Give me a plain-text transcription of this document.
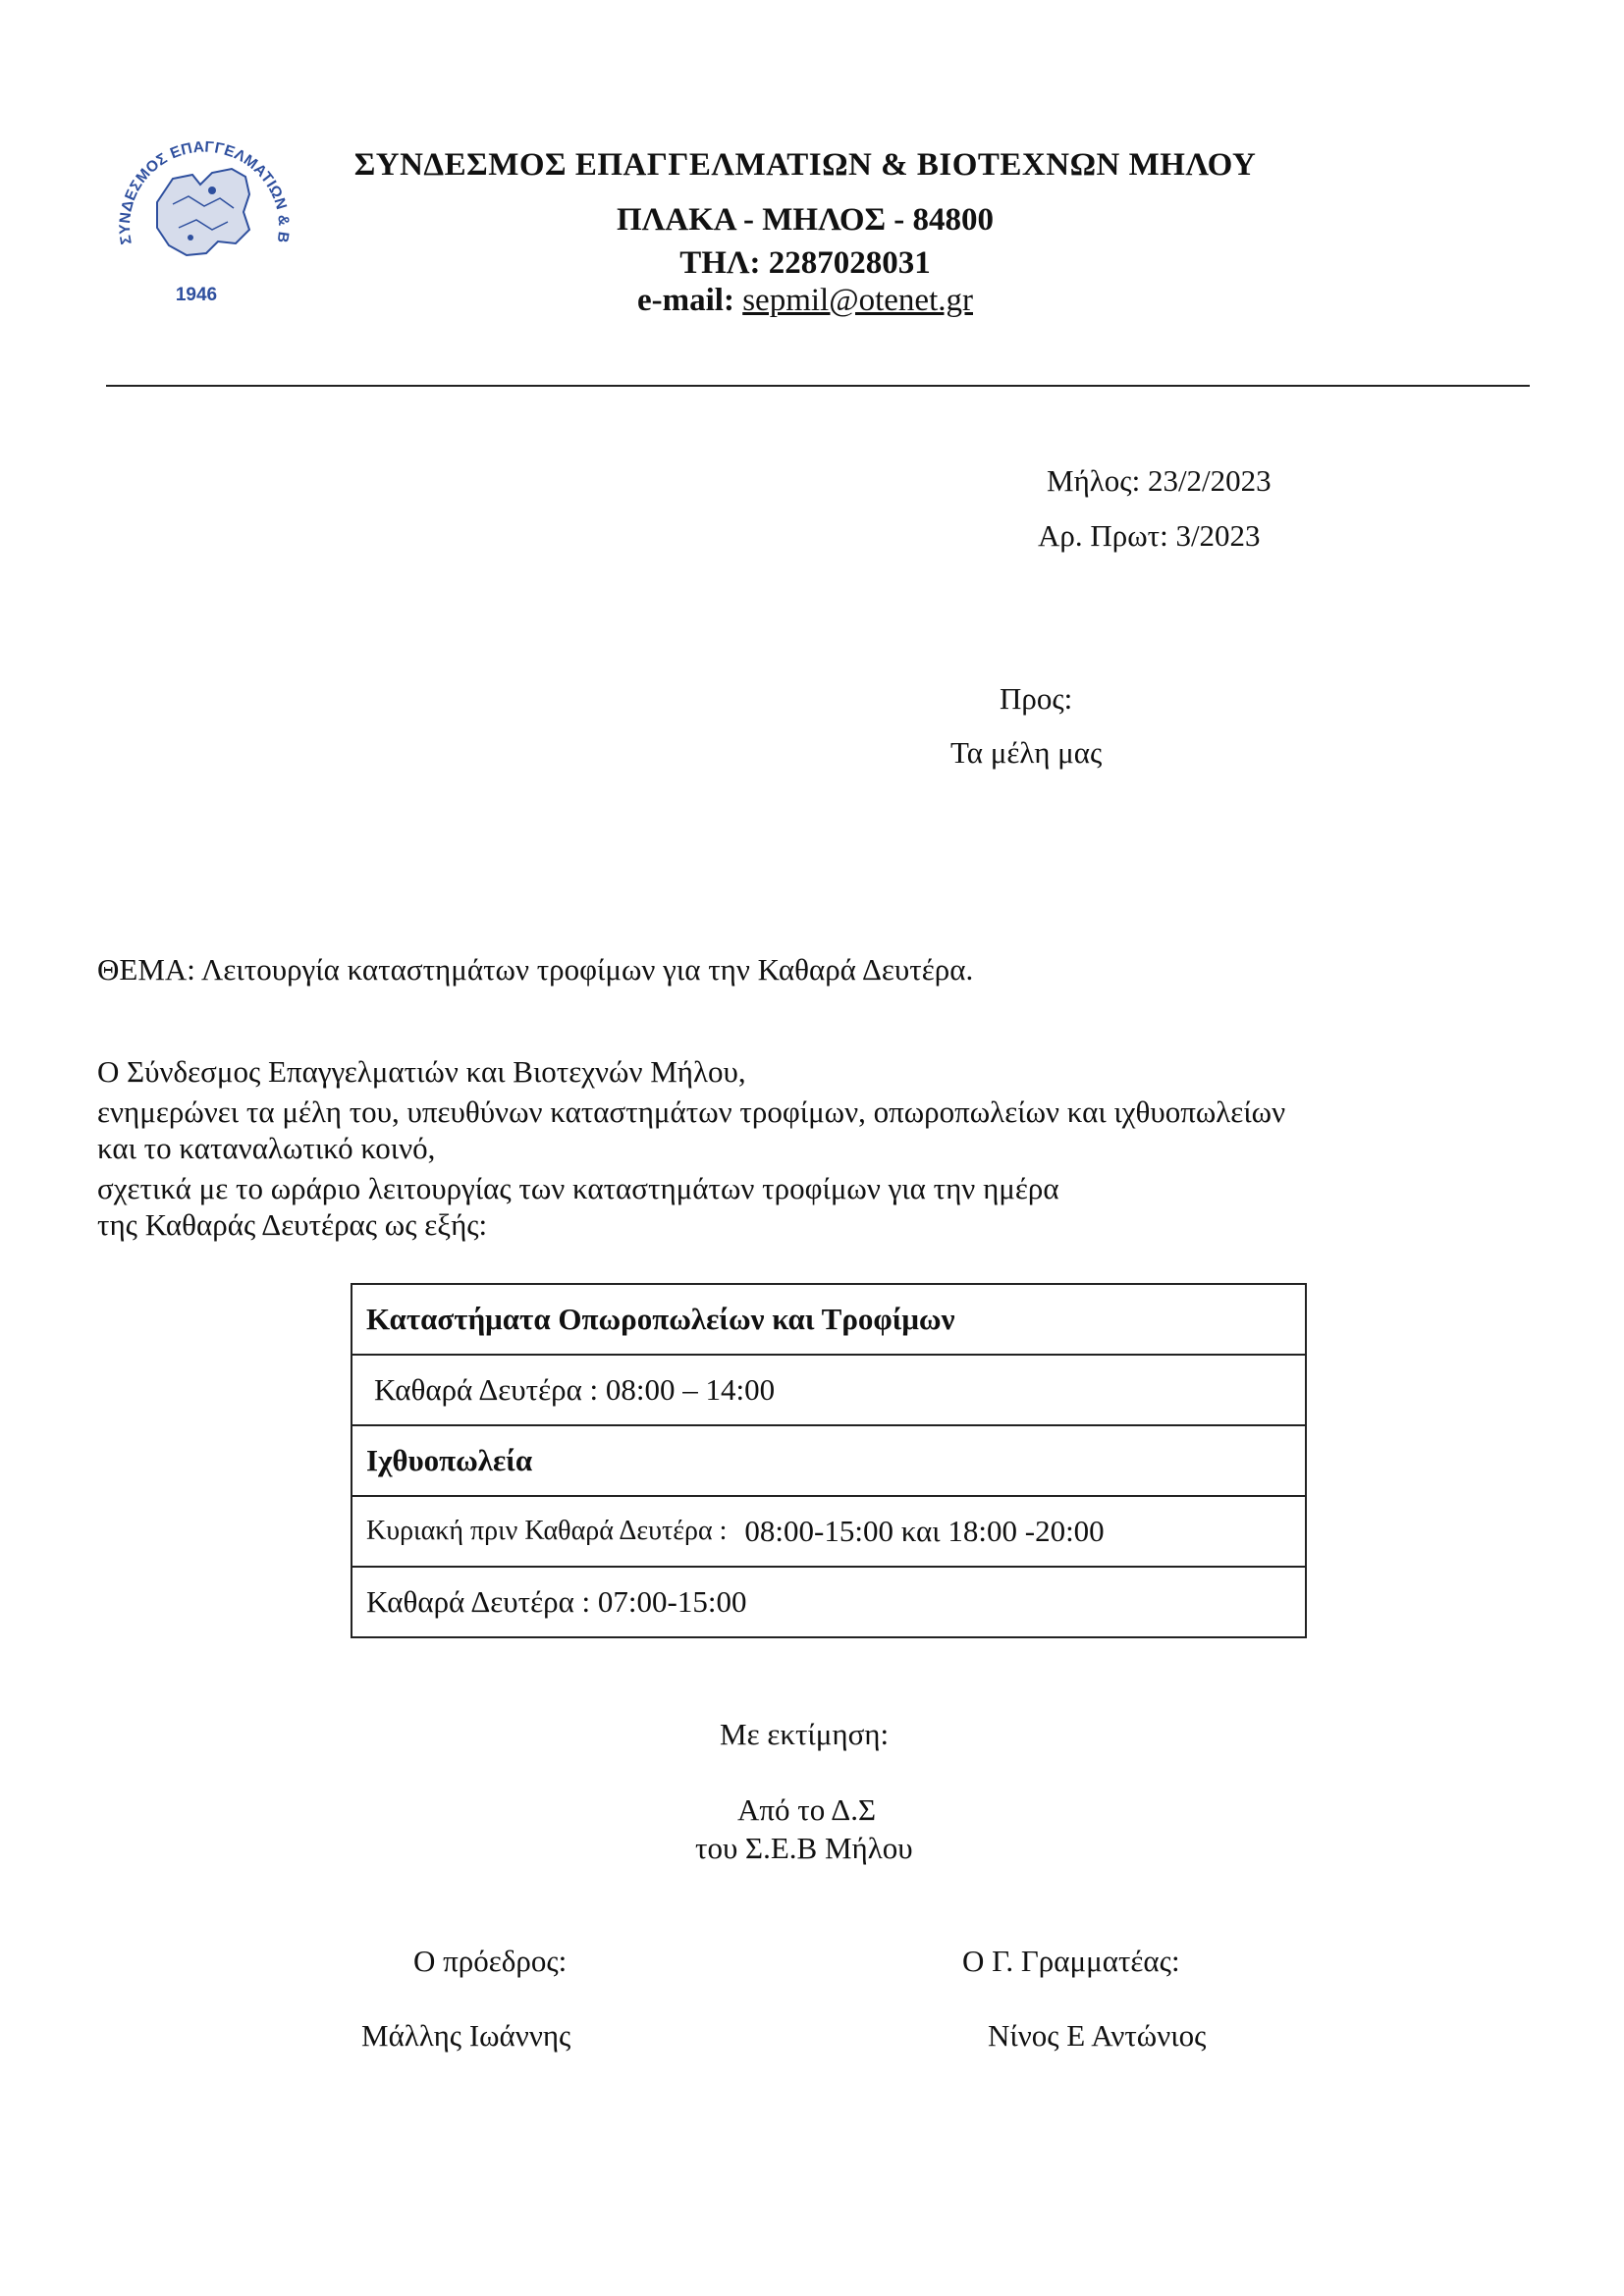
ΣΥΝΔΕΣΜΟΣ ΕΠΑΓΓΕΛΜΑΤΙΩΝ & Β
1946
ΣΥΝΔΕΣΜΟΣ ΕΠΑΓΓΕΛΜΑΤΙΩΝ & ΒΙΟΤΕΧΝΩΝ ΜΗΛΟΥ
ΠΛΑΚΑ - ΜΗΛΟΣ - 84800
ΤΗΛ: 2287028031
e-mail: sepmil@otenet.gr
Μήλος: 23/2/2023
Αρ. Πρωτ: 3/2023
Προς:
Τα μέλη μας
ΘΕΜΑ: Λειτουργία καταστημάτων τροφίμων για την Καθαρά Δευτέρα.
Ο Σύνδεσμος Επαγγελματιών και Βιοτεχνών Μήλου,
ενημερώνει τα μέλη του, υπευθύνων καταστημάτων τροφίμων, οπωροπωλείων και ιχθυοπωλείων
και το καταναλωτικό κοινό,
σχετικά με το ωράριο λειτουργίας των καταστημάτων τροφίμων για την ημέρα
της Καθαράς Δευτέρας ως εξής:
Καταστήματα Οπωροπωλείων και Τροφίμων
Καθαρά Δευτέρα : 08:00 – 14:00
Ιχθυοπωλεία
Κυριακή πριν Καθαρά Δευτέρα : 08:00-15:00 και 18:00 -20:00
Καθαρά Δευτέρα : 07:00-15:00
Με εκτίμηση:
Από το Δ.Σ
του Σ.Ε.Β Μήλου
Ο πρόεδρος:
Μάλλης Ιωάννης
Ο Γ. Γραμματέας:
Νίνος Ε Αντώνιος
